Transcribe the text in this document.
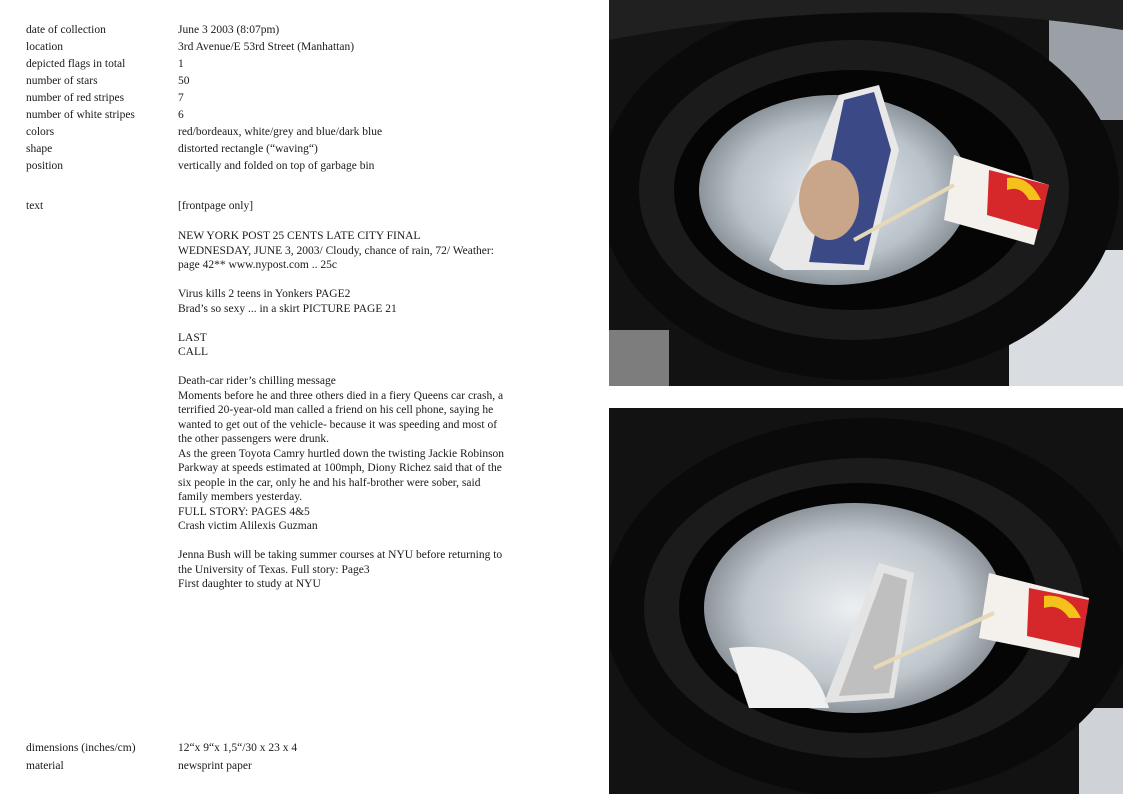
date of collection	June 3 2003 (8:07pm)
location	3rd Avenue/E 53rd Street (Manhattan)
depicted flags in total	1
number of stars	50
number of red stripes	7
number of white stripes	6
colors	red/bordeaux, white/grey and blue/dark blue
shape	distorted rectangle (“waving“)
position	vertically and folded on top of garbage bin
text	[frontpage only]

NEW YORK POST 25 CENTS LATE CITY FINAL
WEDNESDAY, JUNE 3, 2003/ Cloudy, chance of rain, 72/ Weather:
page 42** www.nypost.com .. 25c

Virus kills 2 teens in Yonkers PAGE2
Brad’s so sexy ... in a skirt PICTURE PAGE 21

LAST
CALL

Death-car rider’s chilling message
Moments before he and three others died in a fiery Queens car crash, a
terrified 20-year-old man called a friend on his cell phone, saying he
wanted to get out of the vehicle- because it was speeding and most of
the other passengers were drunk.
As the green Toyota Camry hurtled down the twisting Jackie Robinson
Parkway at speeds estimated at 100mph, Diony Richez said that of the
six people in the car, only he and his half-brother were sober, said
family members yesterday.
FULL STORY: PAGES 4&5
Crash victim Alilexis Guzman

Jenna Bush will be taking summer courses at NYU before returning to
the University of Texas. Full story: Page3
First daughter to study at NYU

dimensions (inches/cm)	12“x 9“x 1,5“/30 x 23 x 4
material	newsprint paper
